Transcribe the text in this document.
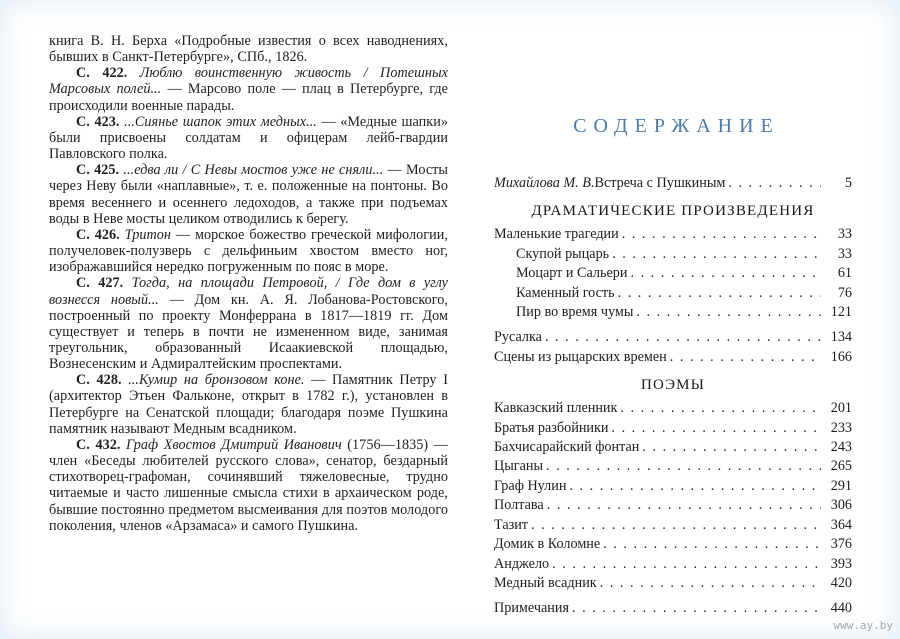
книга В. Н. Берха «Подробные известия о всех наводнениях, бывших в Санкт-Петербурге», СПб., 1826.

С. 422. Люблю воинственную живость / Потешных Марсовых полей... — Марсово поле — плац в Петербурге, где происходили военные парады.

С. 423. ...Сиянье шапок этих медных... — «Медные шапки» были присвоены солдатам и офицерам лейб-гвардии Павловского полка.

С. 425. ...едва ли / С Невы мостов уже не сняли... — Мосты через Неву были «наплавные», т. е. положенные на понтоны. Во время весеннего и осеннего ледоходов, а также при подъемах воды в Неве мосты целиком отводились к берегу.

С. 426. Тритон — морское божество греческой мифологии, получеловек-полузверь с дельфиньим хвостом вместо ног, изображавшийся нередко погруженным по пояс в море.

С. 427. Тогда, на площади Петровой, / Где дом в углу вознесся новый... — Дом кн. А. Я. Лобанова-Ростовского, построенный по проекту Монферрана в 1817—1819 гг. Дом существует и теперь в почти не измененном виде, занимая треугольник, образованный Исаакиевской площадью, Вознесенским и Адмиралтейским проспектами.

С. 428. ...Кумир на бронзовом коне. — Памятник Петру I (архитектор Этьен Фальконе, открыт в 1782 г.), установлен в Петербурге на Сенатской площади; благодаря поэме Пушкина памятник называют Медным всадником.

С. 432. Граф Хвостов Дмитрий Иванович (1756—1835) — член «Беседы любителей русского слова», сенатор, бездарный стихотворец-графоман, сочинявший тяжеловесные, трудно читаемые и часто лишенные смысла стихи в архаическом роде, бывшие постоянно предметом высмеивания для поэтов молодого поколения, членов «Арзамаса» и самого Пушкина.

СОДЕРЖАНИЕ
Михайлова М. В. Встреча с Пушкиным . . .	5
ДРАМАТИЧЕСКИЕ ПРОИЗВЕДЕНИЯ
Маленькие трагедии . . .	33
Скупой рыцарь . . .	33
Моцарт и Сальери . . .	61
Каменный гость . . .	76
Пир во время чумы . . .	121
Русалка . . .	134
Сцены из рыцарских времен . . .	166
ПОЭМЫ
Кавказский пленник . . .	201
Братья разбойники . . .	233
Бахчисарайский фонтан . . .	243
Цыганы . . .	265
Граф Нулин . . .	291
Полтава . . .	306
Тазит . . .	364
Домик в Коломне . . .	376
Анджело . . .	393
Медный всадник . . .	420
Примечания . . .	440
www.ay.by
